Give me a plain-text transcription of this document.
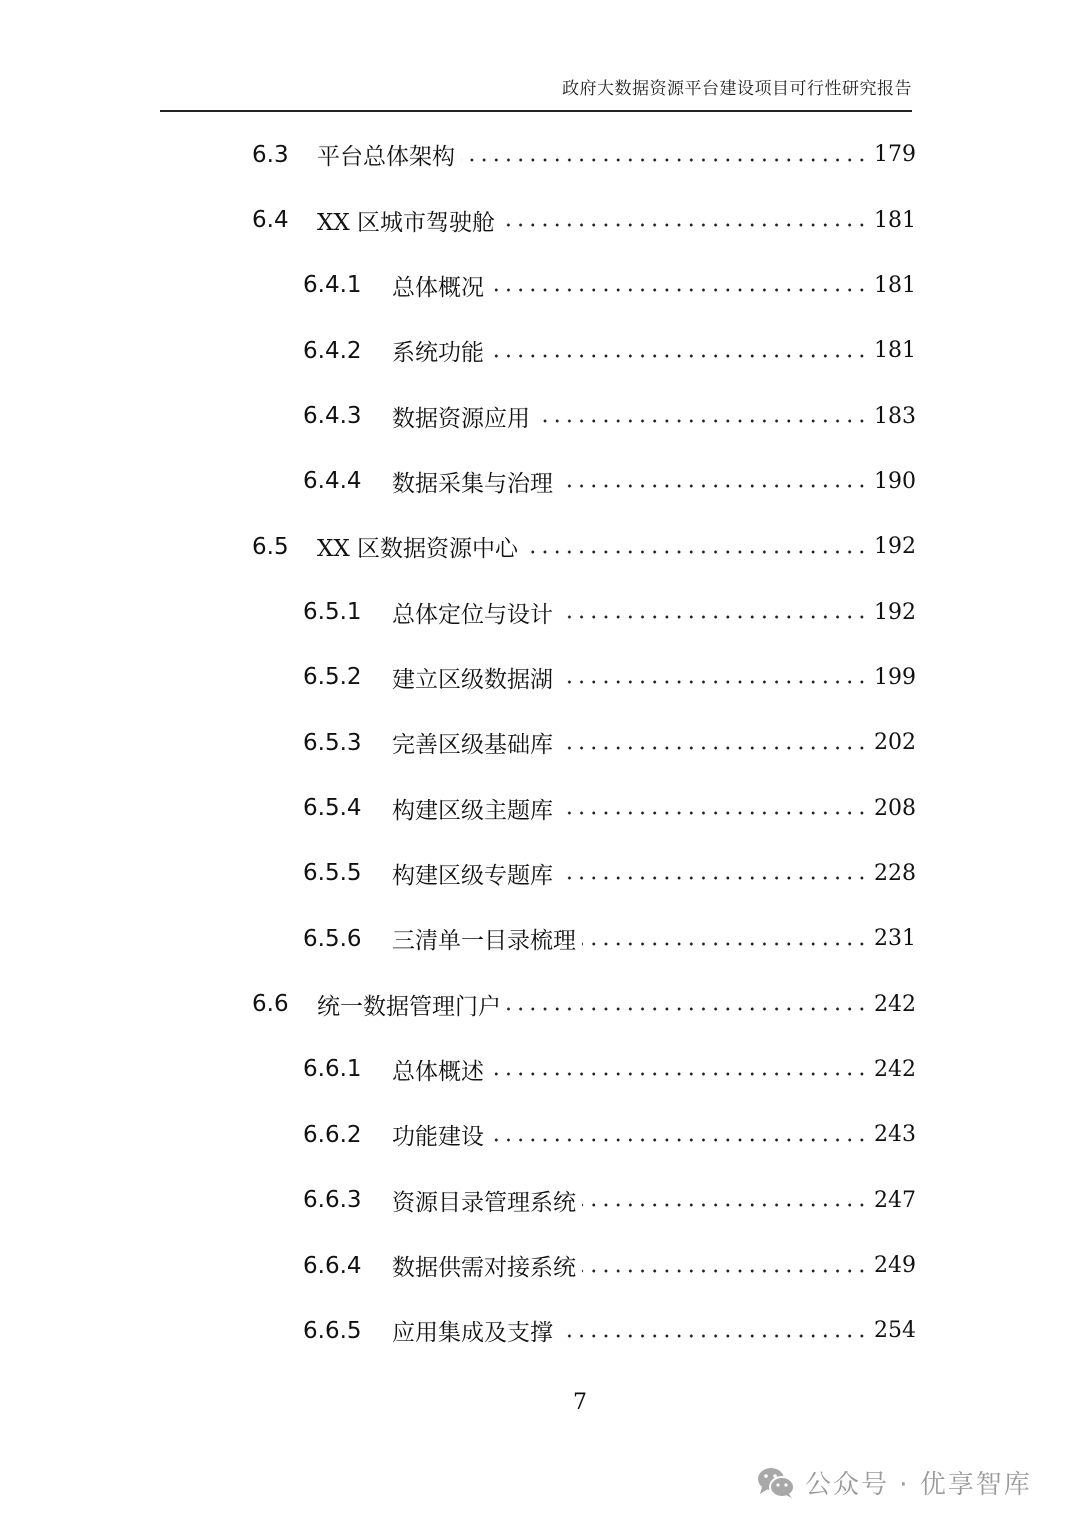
政府大数据资源平台建设项目可行性研究报告
6.3 平台总体架构	179
6.4 XX 区城市驾驶舱	181
6.4.1 总体概况	181
6.4.2 系统功能	181
6.4.3 数据资源应用	183
6.4.4 数据采集与治理	190
6.5 XX 区数据资源中心	192
6.5.1 总体定位与设计	192
6.5.2 建立区级数据湖	199
6.5.3 完善区级基础库	202
6.5.4 构建区级主题库	208
6.5.5 构建区级专题库	228
6.5.6 三清单一目录梳理	231
6.6 统一数据管理门户	242
6.6.1 总体概述	242
6.6.2 功能建设	243
6.6.3 资源目录管理系统	247
6.6.4 数据供需对接系统	249
6.6.5 应用集成及支撑	254
7
公众号 · 优享智库
